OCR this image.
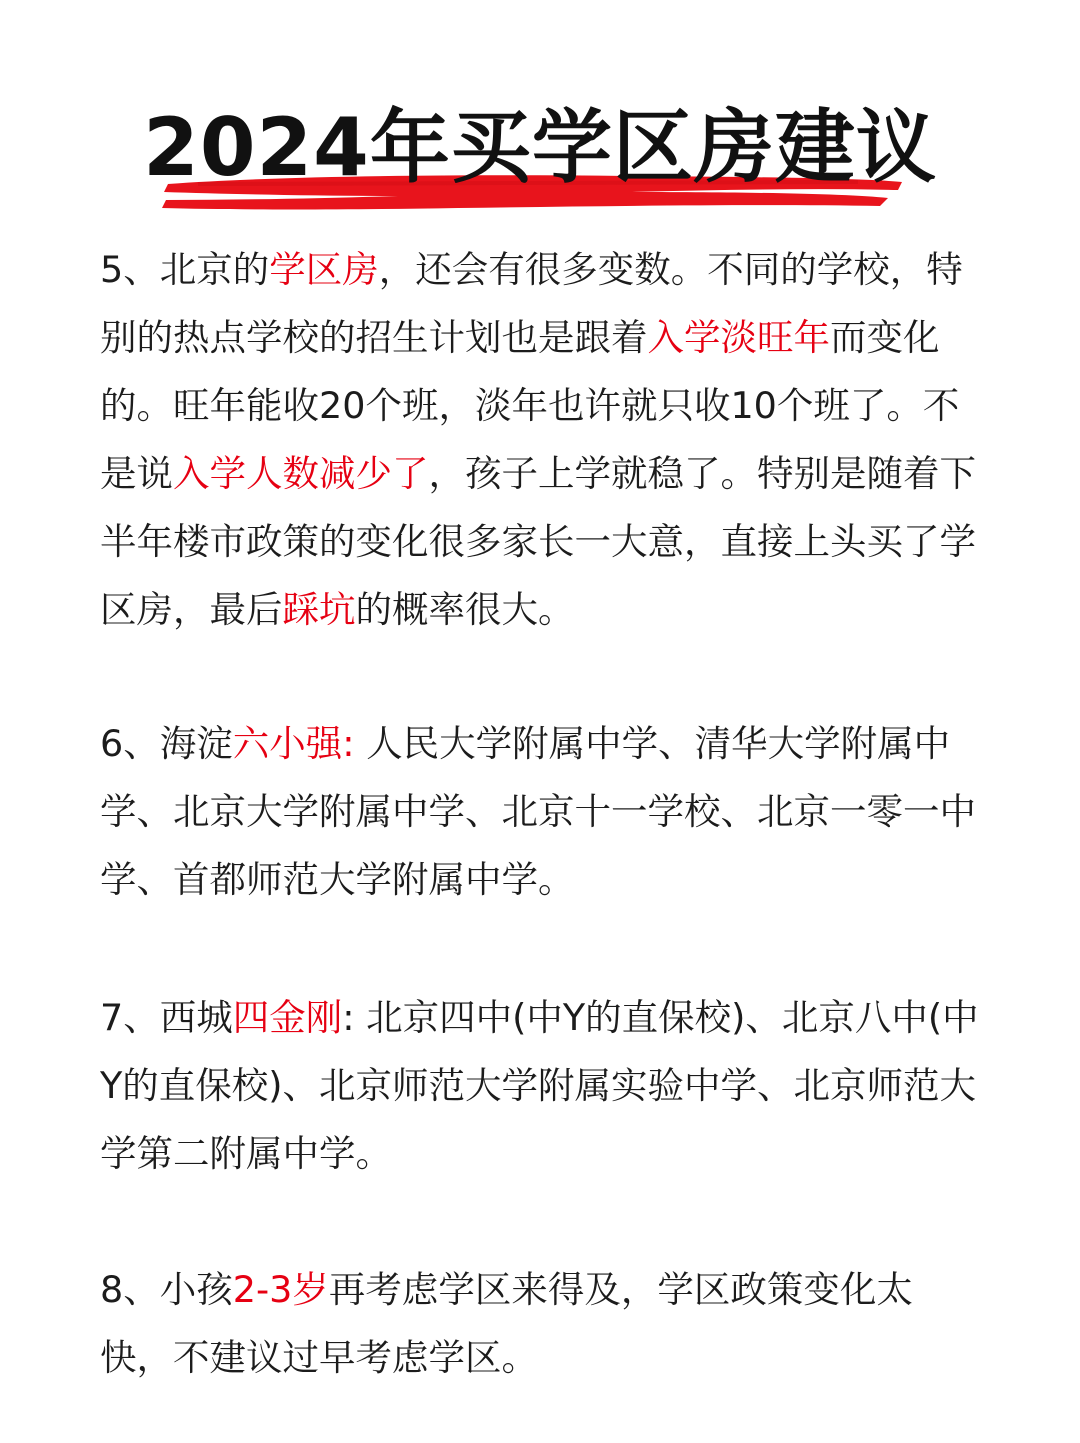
2024年买学区房建议

5、北京的学区房，还会有很多变数。不同的学校，特别的热点学校的招生计划也是跟着入学淡旺年而变化的。旺年能收20个班，淡年也许就只收10个班了。不是说入学人数减少了，孩子上学就稳了。特别是随着下半年楼市政策的变化很多家长一大意，直接上头买了学区房，最后踩坑的概率很大。

6、海淀六小强: 人民大学附属中学、清华大学附属中学、北京大学附属中学、北京十一学校、北京一零一中学、首都师范大学附属中学。

7、西城四金刚: 北京四中(中Y的直保校)、北京八中(中Y的直保校)、北京师范大学附属实验中学、北京师范大学第二附属中学。

8、小孩2-3岁再考虑学区来得及，学区政策变化太快，不建议过早考虑学区。
